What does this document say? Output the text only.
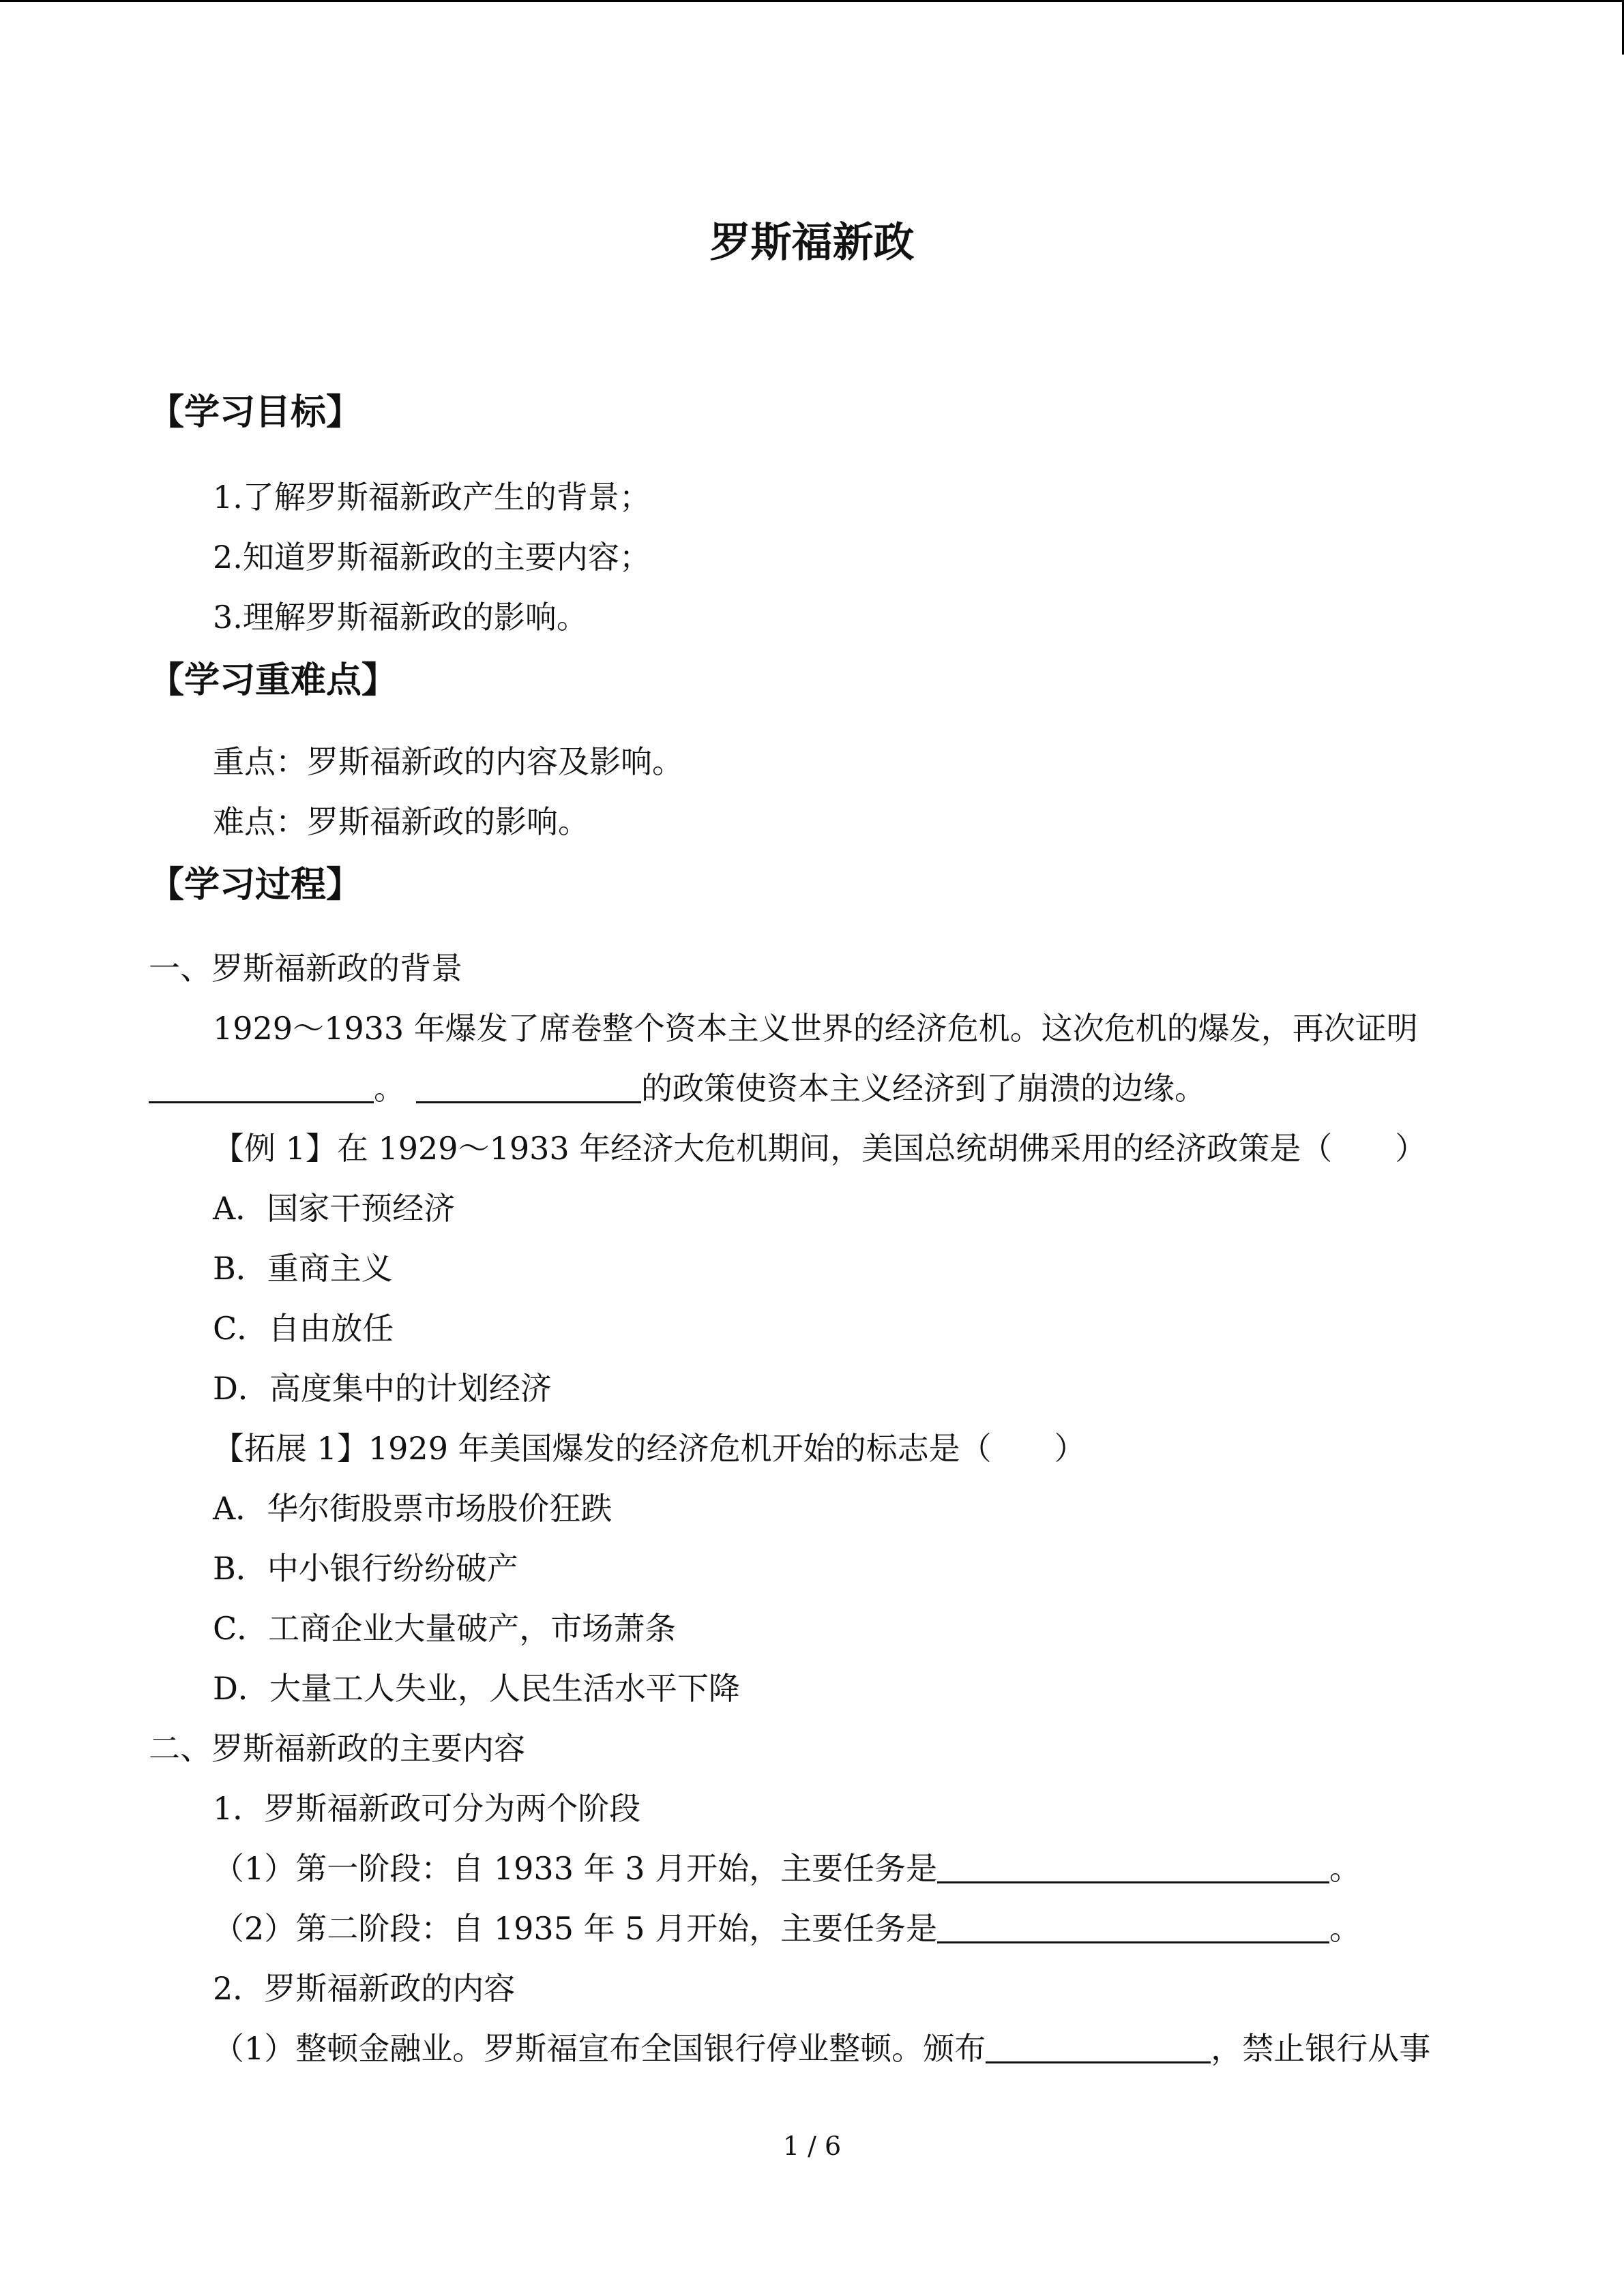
罗斯福新政
【学习目标】
1.了解罗斯福新政产生的背景；
2.知道罗斯福新政的主要内容；
3.理解罗斯福新政的影响。
【学习重难点】
重点：罗斯福新政的内容及影响。
难点：罗斯福新政的影响。
【学习过程】
一、罗斯福新政的背景
1929～1933 年爆发了席卷整个资本主义世界的经济危机。这次危机的爆发，再次证明
。	的政策使资本主义经济到了崩溃的边缘。
【例 1】在 1929～1933 年经济大危机期间，美国总统胡佛采用的经济政策是（　　）
A．国家干预经济
B．重商主义
C．自由放任
D．高度集中的计划经济
【拓展 1】1929 年美国爆发的经济危机开始的标志是（　　）
A．华尔街股票市场股价狂跌
B．中小银行纷纷破产
C．工商企业大量破产，市场萧条
D．大量工人失业，人民生活水平下降
二、罗斯福新政的主要内容
1．罗斯福新政可分为两个阶段
（1）第一阶段：自 1933 年 3 月开始，主要任务是	。
（2）第二阶段：自 1935 年 5 月开始，主要任务是	。
2．罗斯福新政的内容
（1）整顿金融业。罗斯福宣布全国银行停业整顿。颁布	，禁止银行从事
1 / 6
